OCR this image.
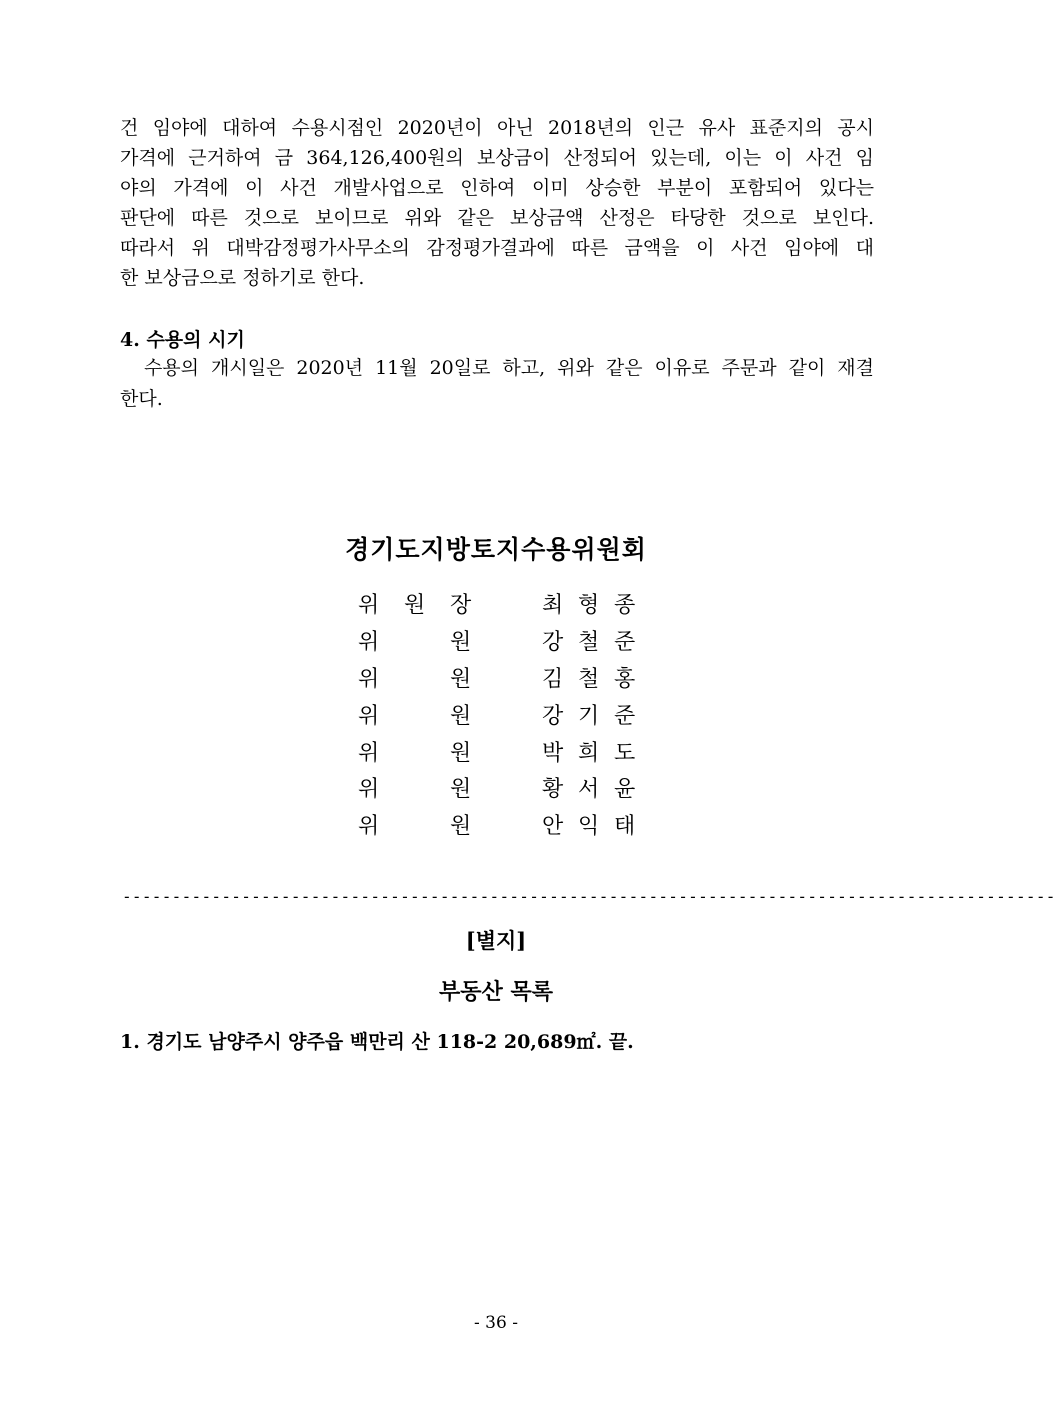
건 임야에 대하여 수용시점인 2020년이 아닌 2018년의 인근 유사 표준지의 공시
가격에 근거하여 금 364,126,400원의 보상금이 산정되어 있는데, 이는 이 사건 임
야의 가격에 이 사건 개발사업으로 인하여 이미 상승한 부분이 포함되어 있다는
판단에 따른 것으로 보이므로 위와 같은 보상금액 산정은 타당한 것으로 보인다.
따라서 위 대박감정평가사무소의 감정평가결과에 따른 금액을 이 사건 임야에 대
한 보상금으로 정하기로 한다.
4. 수용의 시기
수용의 개시일은 2020년 11월 20일로 하고, 위와 같은 이유로 주문과 같이 재결
한다.
경기도지방토지수용위원회
위 원 장	최 형 종
위	원	강 철 준
위	원	김 철 홍
위	원	강 기 준
위	원	박 희 도
위	원	황 서 윤
위	원	안 익 태
----------------------------------------------------------------------------------------------
[별지]
부동산 목록
1. 경기도 남양주시 양주읍 백만리 산 118-2 20,689㎡. 끝.
- 36 -
